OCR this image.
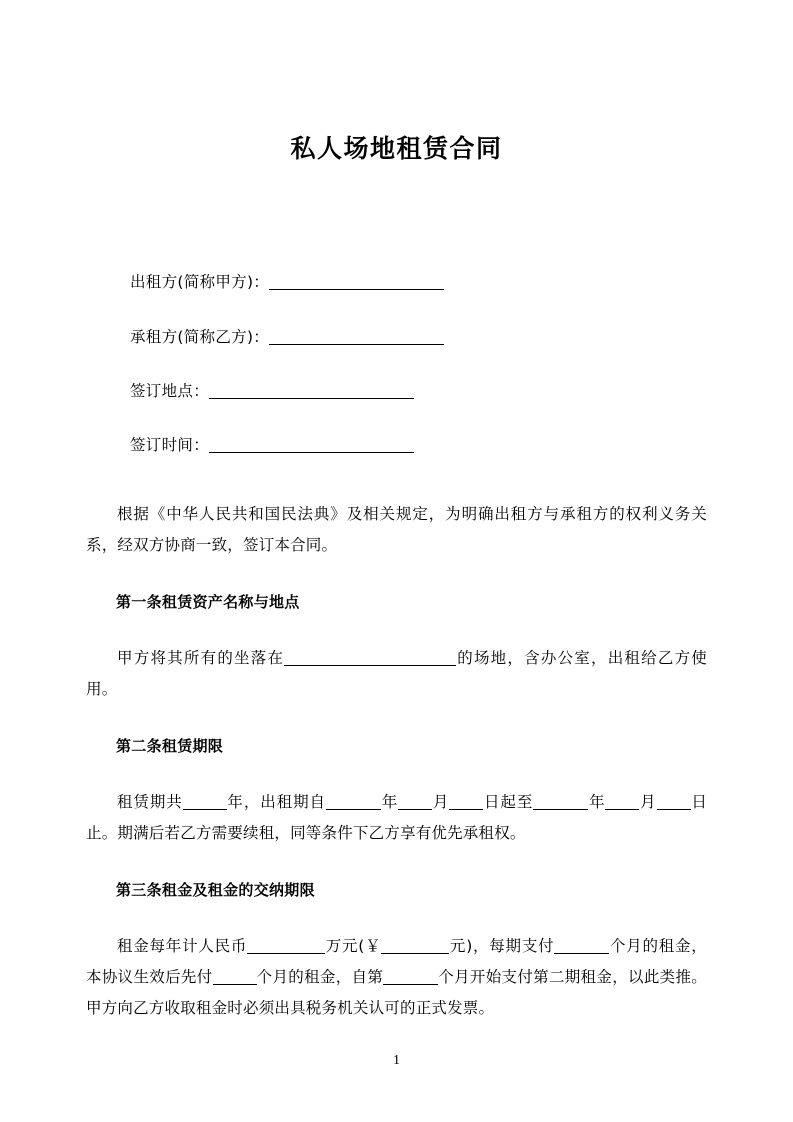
私人场地租赁合同
出租方(简称甲方)：
承租方(简称乙方)：
签订地点：
签订时间：

根据《中华人民共和国民法典》及相关规定，为明确出租方与承租方的权利义务关系，经双方协商一致，签订本合同。

第一条租赁资产名称与地点

甲方将其所有的坐落在	的场地，含办公室，出租给乙方使用。

第二条租赁期限

租赁期共	年，出租期自	年 月 日起至	年 月 日止。期满后若乙方需要续租，同等条件下乙方享有优先承租权。

第三条租金及租金的交纳期限

租金每年计人民币	万元(￥	元)，每期支付	个月的租金，本协议生效后先付	个月的租金，自第	个月开始支付第二期租金，以此类推。甲方向乙方收取租金时必须出具税务机关认可的正式发票。

1
